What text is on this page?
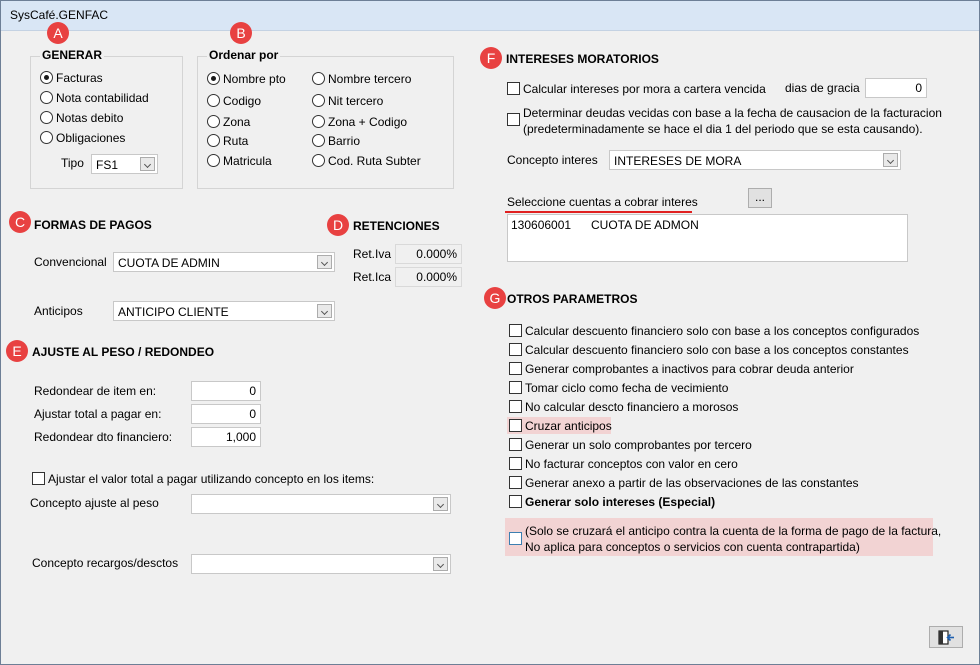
SysCafé.GENFAC
A
GENERAR
Facturas
Nota contabilidad
Notas debito
Obligaciones
Tipo FS1
B
Ordenar por
Nombre pto
Codigo
Zona
Ruta
Matricula
Nombre tercero
Nit tercero
Zona + Codigo
Barrio
Cod. Ruta Subter
C FORMAS DE PAGOS
Convencional CUOTA DE ADMIN
Anticipos	ANTICIPO CLIENTE
D RETENCIONES
Ret.Iva	0.000%
Ret.Ica	0.000%
E AJUSTE AL PESO / REDONDEO
Redondear de item en:	0
Ajustar total a pagar en:	0
Redondear dto financiero:	1,000
Ajustar el valor total a pagar utilizando concepto en los items:
Concepto ajuste al peso
Concepto recargos/desctos
F INTERESES MORATORIOS
Calcular intereses por mora a cartera vencida dias de gracia	0
Determinar deudas vecidas con base a la fecha de causacion de la facturacion
(predeterminadamente se hace el dia 1 del periodo que se esta causando).
Concepto interes INTERESES DE MORA
Seleccione cuentas a cobrar interes	...
130606001 CUOTA DE ADMON
G OTROS PARAMETROS
Calcular descuento financiero solo con base a los conceptos configurados
Calcular descuento financiero solo con base a los conceptos constantes
Generar comprobantes a inactivos para cobrar deuda anterior
Tomar ciclo como fecha de vecimiento
No calcular descto financiero a morosos
Cruzar anticipos
Generar un solo comprobantes por tercero
No facturar conceptos con valor en cero
Generar anexo a partir de las observaciones de las constantes
Generar solo intereses (Especial)
(Solo se cruzará el anticipo contra la cuenta de la forma de pago de la factura,
No aplica para conceptos o servicios con cuenta contrapartida)
